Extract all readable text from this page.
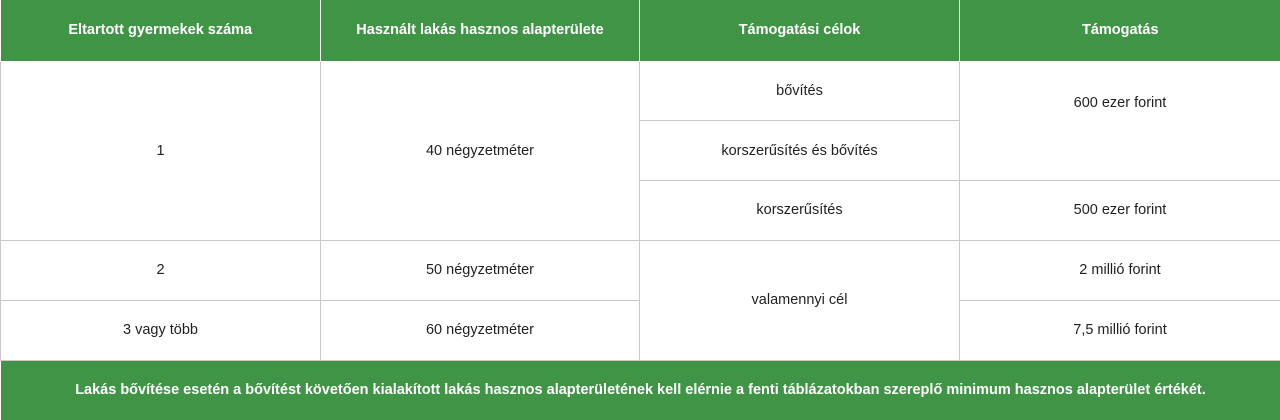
Eltartott gyermekek száma	Használt lakás hasznos alapterülete	Támogatási célok	Támogatás
1	40 négyzetméter	bővítés	600 ezer forint
		korszerűsítés és bővítés	
		korszerűsítés	500 ezer forint
2	50 négyzetméter	valamennyi cél	2 millió forint
3 vagy több	60 négyzetméter		7,5 millió forint
Lakás bővítése esetén a bővítést követően kialakított lakás hasznos alapterületének kell elérnie a fenti táblázatokban szereplő minimum hasznos alapterület értékét.			
